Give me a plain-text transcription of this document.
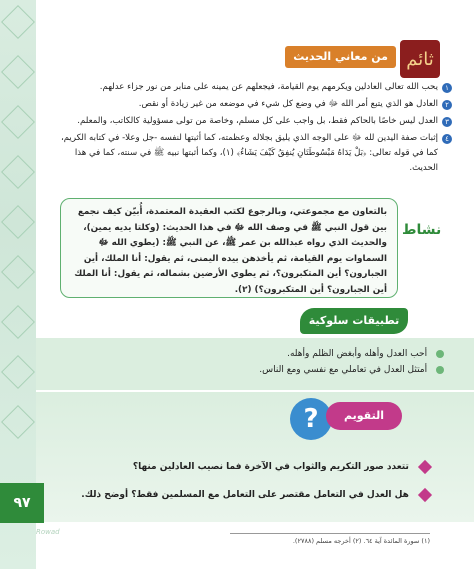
ثائم
من معاني الحديث
١
يحب الله تعالى العادلين ويكرمهم يوم القيامة، فيجعلهم عن يمينه على منابر من نور جزاء عدلهم.
٢
العادل هو الذي يتبع أمر الله ﷻ في وضع كل شيء في موضعه من غير زيادة أو نقص.
٣
العدل ليس خاصًا بالحاكم فقط، بل واجب على كل مسلم، وخاصة من تولى مسؤولية كالكاتب، والمعلم.
٤
إثبات صفة اليدين لله ﷻ على الوجه الذي يليق بجلاله وعظمته، كما أثبتها لنفسه -جل وعلا- في كتابه الكريم، كما في قوله تعالى: ﴿بَلْ يَدَاهُ مَبْسُوطَتَانِ يُنفِقُ كَيْفَ يَشَاءُ﴾ (١)، وكما أثبتها نبيه ﷺ في سنته، كما في هذا الحديث.
نشاط
بالتعاون مع مجموعتي، وبالرجوع لكتب العقيدة المعتمدة، أُبيّن كيف نجمع بين قول النبي ﷺ في وصف الله ﷻ في هذا الحديث: (وكلتا يديه يمين)، والحديث الذي رواه عبدالله بن عمر ﷺ، عن النبي ﷺ: (يطوي الله ﷻ السماوات يوم القيامة، ثم يأخذهن بيده اليمنى، ثم يقول: أنا الملك، أين الجبارون؟ أين المتكبرون؟، ثم يطوي الأرضين بشماله، ثم يقول: أنا الملك أين الجبارون؟ أين المتكبرون؟) (٢).
تطبيقات سلوكية
أحب العدل وأهله وأبغض الظلم وأهله.
أمتثل العدل في تعاملي مع نفسي ومع الناس.
?	التقويم
تتعدد صور التكريم والثواب في الآخرة فما نصيب العادلين منها؟
هل العدل في التعامل مقتصر على التعامل مع المسلمين فقط؟ أوضح ذلك.
٩٧
Rowad
(١) سورة المائدة آية ٦٤. (٢) أخرجه مسلم (٢٧٨٨).
